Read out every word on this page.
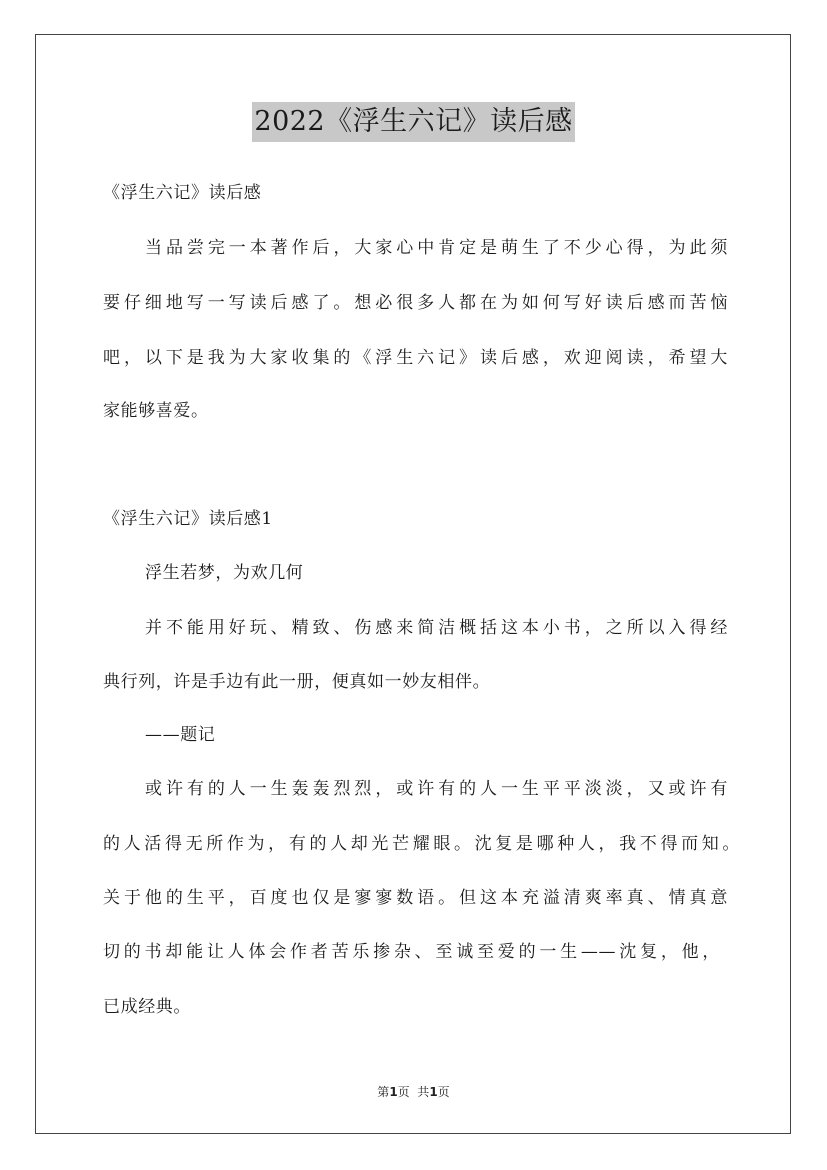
2022《浮生六记》读后感
《浮生六记》读后感
当品尝完一本著作后，大家心中肯定是萌生了不少心得，为此须
要仔细地写一写读后感了。想必很多人都在为如何写好读后感而苦恼
吧，以下是我为大家收集的《浮生六记》读后感，欢迎阅读，希望大
家能够喜爱。
《浮生六记》读后感1
浮生若梦，为欢几何
并不能用好玩、精致、伤感来简洁概括这本小书，之所以入得经
典行列，许是手边有此一册，便真如一妙友相伴。
——题记
或许有的人一生轰轰烈烈，或许有的人一生平平淡淡，又或许有
的人活得无所作为，有的人却光芒耀眼。沈复是哪种人，我不得而知。
关于他的生平，百度也仅是寥寥数语。但这本充溢清爽率真、情真意
切的书却能让人体会作者苦乐掺杂、至诚至爱的一生——沈复，他，
已成经典。
第1页  共1页
